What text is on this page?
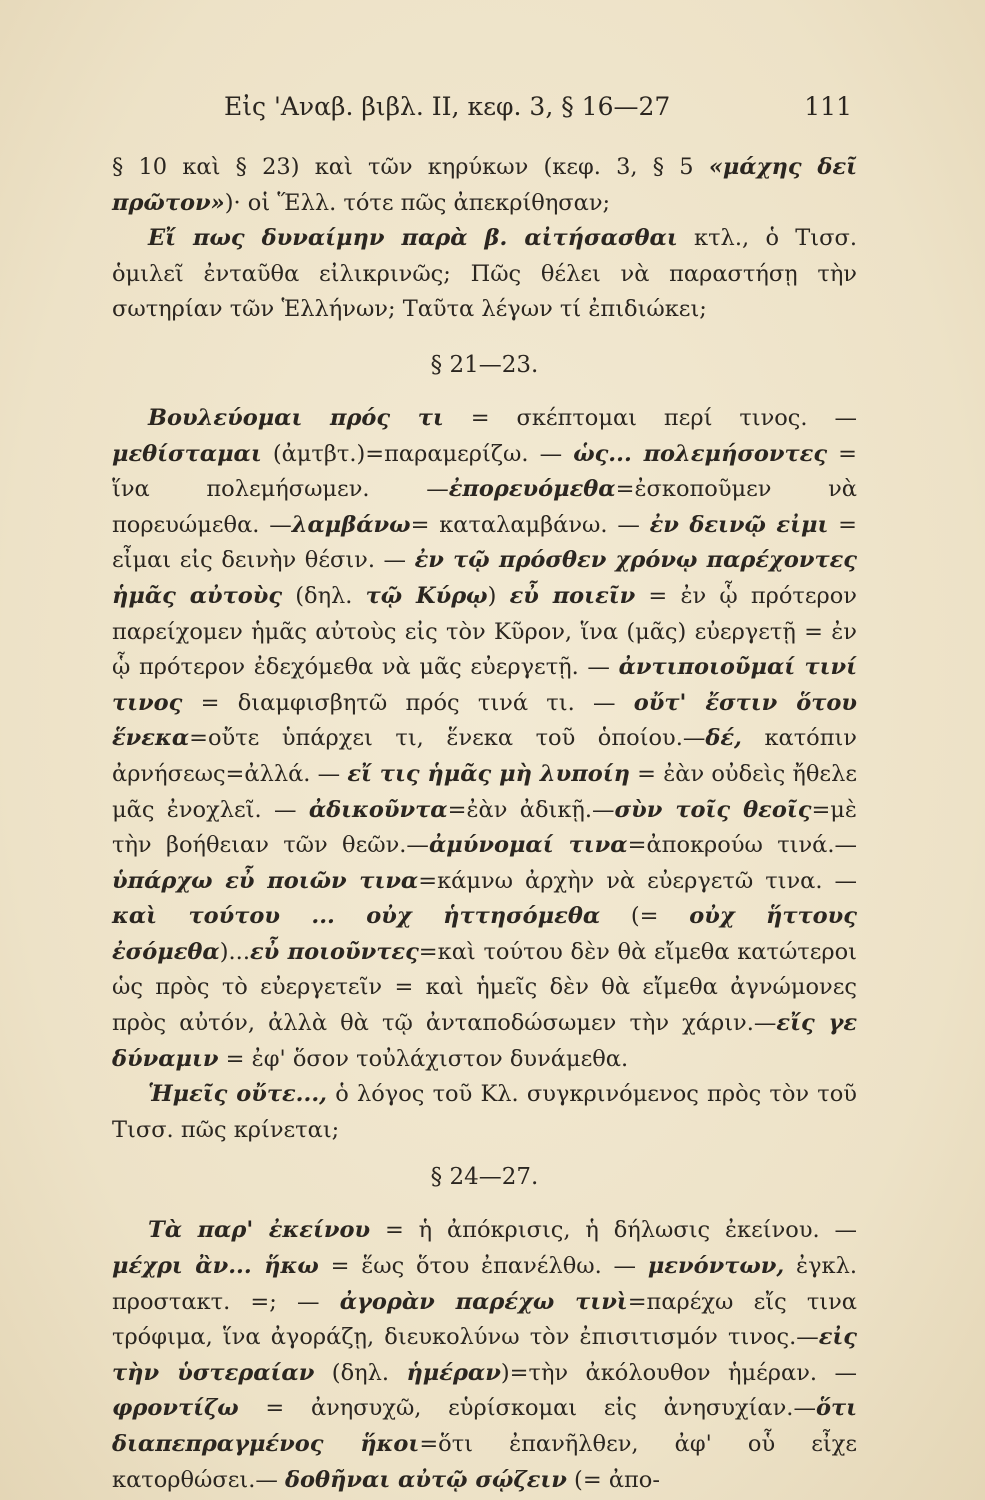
Εἰς 'Αναβ. βιβλ. II, κεφ. 3, § 16—27	111

§ 10 καὶ § 23) καὶ τῶν κηρύκων (κεφ. 3, § 5 «μάχης δεῖ πρῶτον»)· οἱ Ἕλλ. τότε πῶς ἀπεκρίθησαν;

Εἴ πως δυναίμην παρὰ β. αἰτήσασθαι κτλ., ὁ Τισσ. ὁμιλεῖ ἐνταῦθα εἰλικρινῶς; Πῶς θέλει νὰ παραστήσῃ τὴν σωτηρίαν τῶν Ἑλλήνων; Ταῦτα λέγων τί ἐπιδιώκει;

§ 21—23.

Βουλεύομαι πρός τι = σκέπτομαι περί τινος. — μεθίσταμαι (ἀμτβτ.)=παραμερίζω. — ὡς... πολεμήσοντες = ἵνα πολεμήσωμεν. —ἐπορευόμεθα=ἐσκοποῦμεν νὰ πορευώμεθα. —λαμβάνω= καταλαμβάνω. — ἐν δεινῷ εἰμι = εἶμαι εἰς δεινὴν θέσιν. — ἐν τῷ πρόσθεν χρόνῳ παρέχοντες ἡμᾶς αὐτοὺς (δηλ. τῷ Κύρῳ) εὖ ποιεῖν = ἐν ᾧ πρότερον παρείχομεν ἡμᾶς αὐτοὺς εἰς τὸν Κῦρον, ἵνα (μᾶς) εὐεργετῇ = ἐν ᾧ πρότερον ἐδεχόμεθα νὰ μᾶς εὐεργετῇ. — ἀντιποιοῦμαί τινί τινος = διαμφισβητῶ πρός τινά τι. — οὔτ' ἔστιν ὅτου ἕνεκα=οὔτε ὑπάρχει τι, ἕνεκα τοῦ ὁποίου.—δέ, κατόπιν ἀρνήσεως=ἀλλά. — εἴ τις ἡμᾶς μὴ λυποίη = ἐὰν οὐδεὶς ἤθελε μᾶς ἐνοχλεῖ. — ἀδικοῦντα=ἐὰν ἀδικῇ.—σὺν τοῖς θεοῖς=μὲ τὴν βοήθειαν τῶν θεῶν.—ἀμύνομαί τινα=ἀποκρούω τινά.—ὑπάρχω εὖ ποιῶν τινα=κάμνω ἀρχὴν νὰ εὐεργετῶ τινα. — καὶ τούτου ... οὐχ ἡττησόμεθα (= οὐχ ἥττους ἐσόμεθα)...εὖ ποιοῦντες=καὶ τούτου δὲν θὰ εἴμεθα κατώτεροι ὡς πρὸς τὸ εὐεργετεῖν = καὶ ἡμεῖς δὲν θὰ εἴμεθα ἀγνώμονες πρὸς αὐτόν, ἀλλὰ θὰ τῷ ἀνταποδώσωμεν τὴν χάριν.—εἴς γε δύναμιν = ἐφ' ὅσον τοὐλάχιστον δυνάμεθα.

Ἡμεῖς οὔτε..., ὁ λόγος τοῦ Κλ. συγκρινόμενος πρὸς τὸν τοῦ Τισσ. πῶς κρίνεται;

§ 24—27.

Τὰ παρ' ἐκείνου = ἡ ἀπόκρισις, ἡ δήλωσις ἐκείνου. — μέχρι ἂν... ἥκω = ἕως ὅτου ἐπανέλθω. — μενόντων, ἐγκλ. προστακτ. =; — ἀγορὰν παρέχω τινὶ=παρέχω εἴς τινα τρόφιμα, ἵνα ἀγοράζῃ, διευκολύνω τὸν ἐπισιτισμόν τινος.—εἰς τὴν ὑστεραίαν (δηλ. ἡμέραν)=τὴν ἀκόλουθον ἡμέραν. — φροντίζω = ἀνησυχῶ, εὑρίσκομαι εἰς ἀνησυχίαν.—ὅτι διαπεπραγμένος ἥκοι=ὅτι ἐπανῆλθεν, ἀφ' οὗ εἶχε κατορθώσει.— δοθῆναι αὐτῷ σῴζειν (= ἀπο-
